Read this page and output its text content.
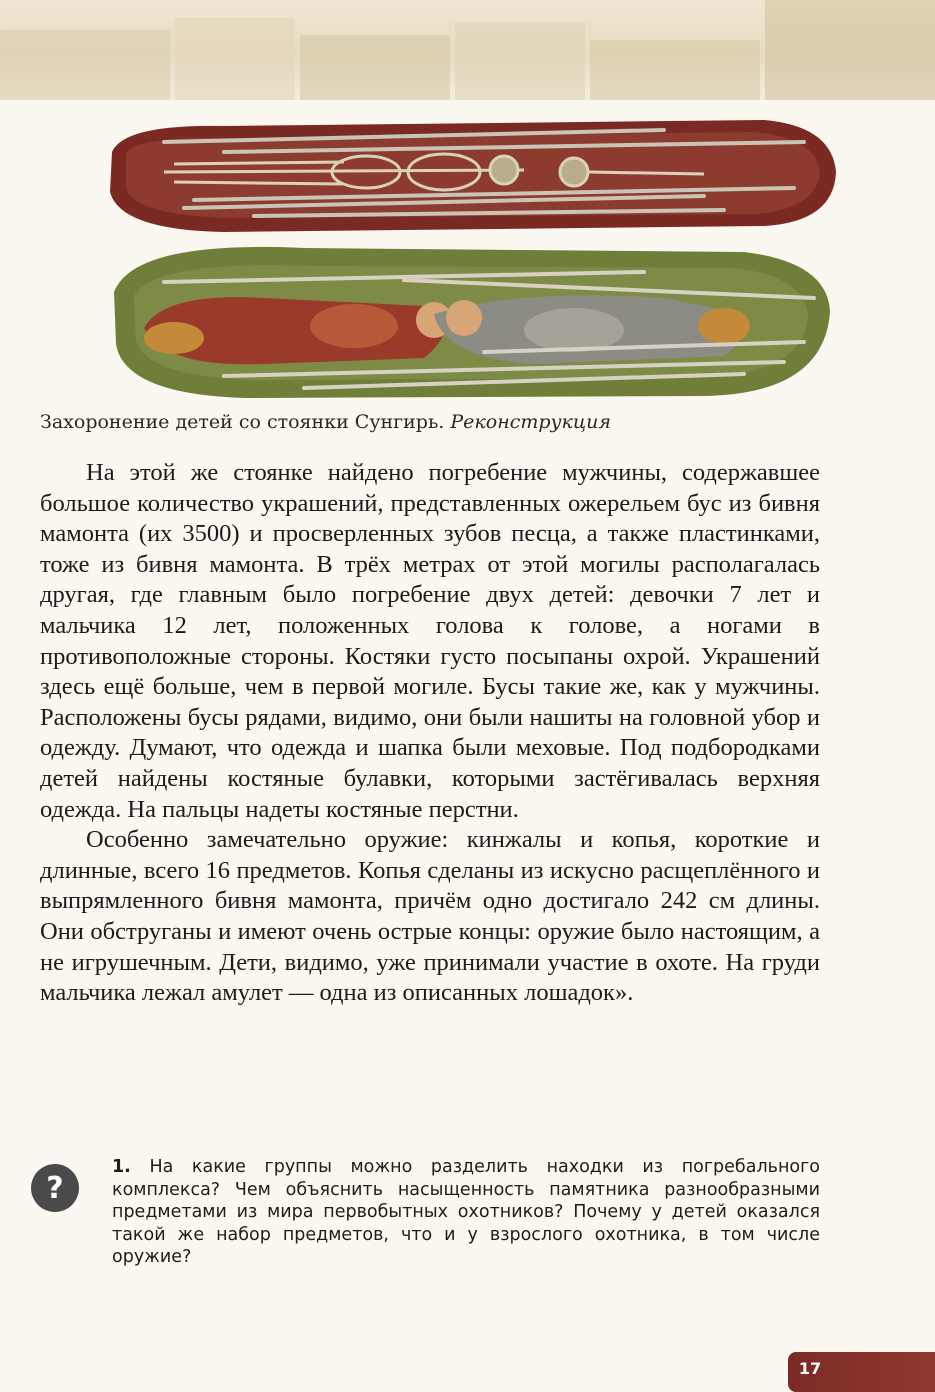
Захоронение детей со стоянки Сунгирь. Реконструкция

На этой же стоянке найдено погребение мужчины, содержавшее большое количество украшений, представленных ожерельем бус из бивня мамонта (их 3500) и просверленных зубов песца, а также пластинками, тоже из бивня мамонта. В трёх метрах от этой могилы располагалась другая, где главным было погребение двух детей: девочки 7 лет и мальчика 12 лет, положенных голова к голове, а ногами в противоположные стороны. Костяки густо посыпаны охрой. Украшений здесь ещё больше, чем в первой могиле. Бусы такие же, как у мужчины. Расположены бусы рядами, видимо, они были нашиты на головной убор и одежду. Думают, что одежда и шапка были меховые. Под подбородками детей найдены костяные булавки, которыми застёгивалась верхняя одежда. На пальцы надеты костяные перстни.

Особенно замечательно оружие: кинжалы и копья, короткие и длинные, всего 16 предметов. Копья сделаны из искусно расщеплённого и выпрямленного бивня мамонта, причём одно достигало 242 см длины. Они обструганы и имеют очень острые концы: оружие было настоящим, а не игрушечным. Дети, видимо, уже принимали участие в охоте. На груди мальчика лежал амулет — одна из описанных лошадок».

?
1. На какие группы можно разделить находки из погребального комплекса? Чем объяснить насыщенность памятника разнообразными предметами из мира первобытных охотников? Почему у детей оказался такой же набор предметов, что и у взрослого охотника, в том числе оружие?
17
